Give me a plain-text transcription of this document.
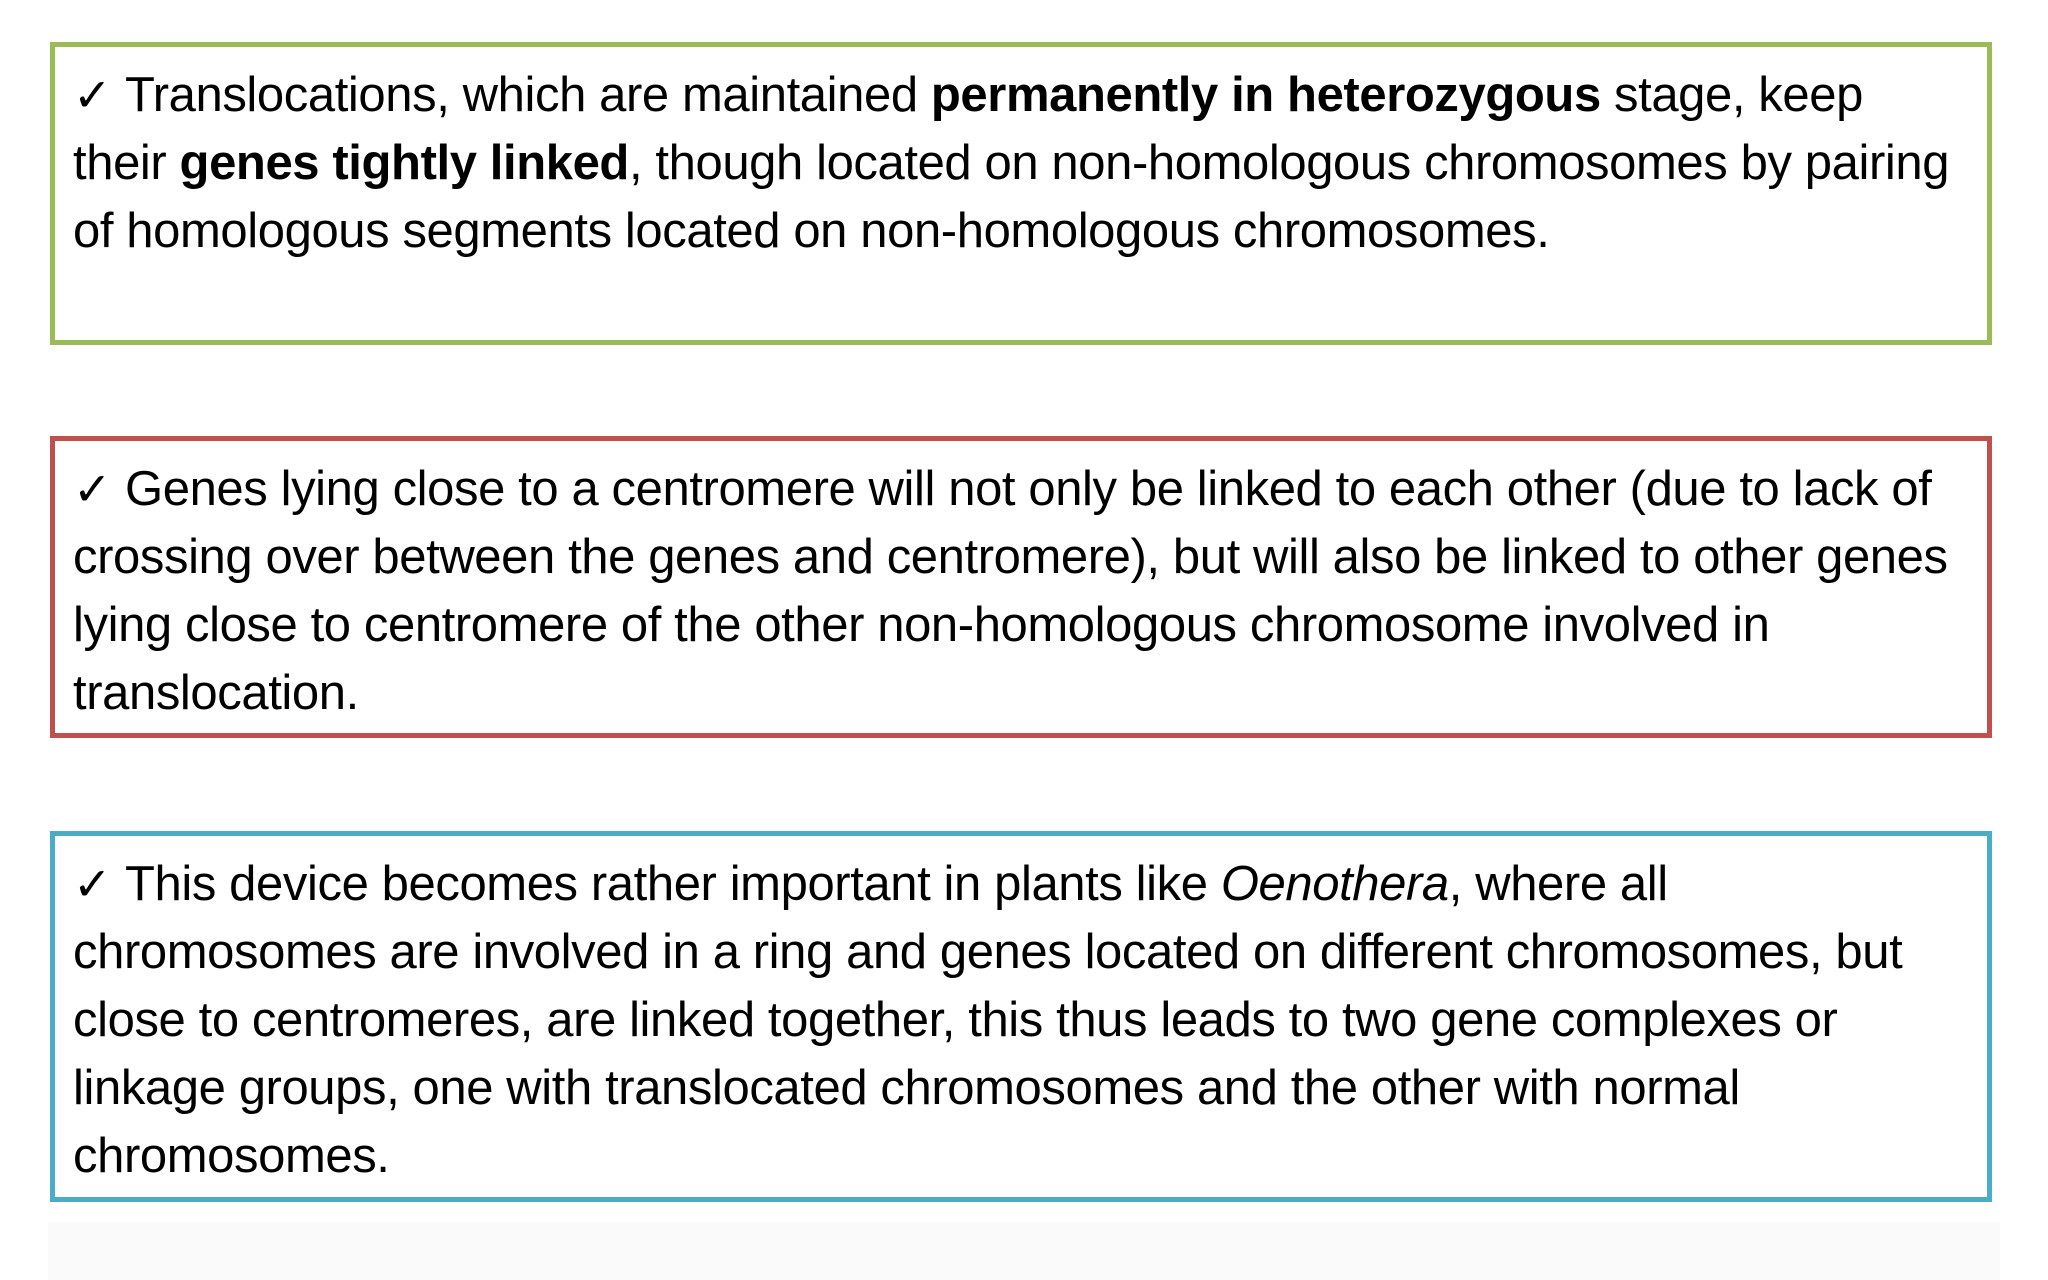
✓ Translocations, which are maintained permanently in heterozygous stage, keep their genes tightly linked, though located on non-homologous chromosomes by pairing of homologous segments located on non-homologous chromosomes.
✓ Genes lying close to a centromere will not only be linked to each other (due to lack of crossing over between the genes and centromere), but will also be linked to other genes lying close to centromere of the other non-homologous chromosome involved in translocation.
✓ This device becomes rather important in plants like Oenothera, where all chromosomes are involved in a ring and genes located on different chromosomes, but close to centromeres, are linked together, this thus leads to two gene complexes or linkage groups, one with translocated chromosomes and the other with normal chromosomes.
